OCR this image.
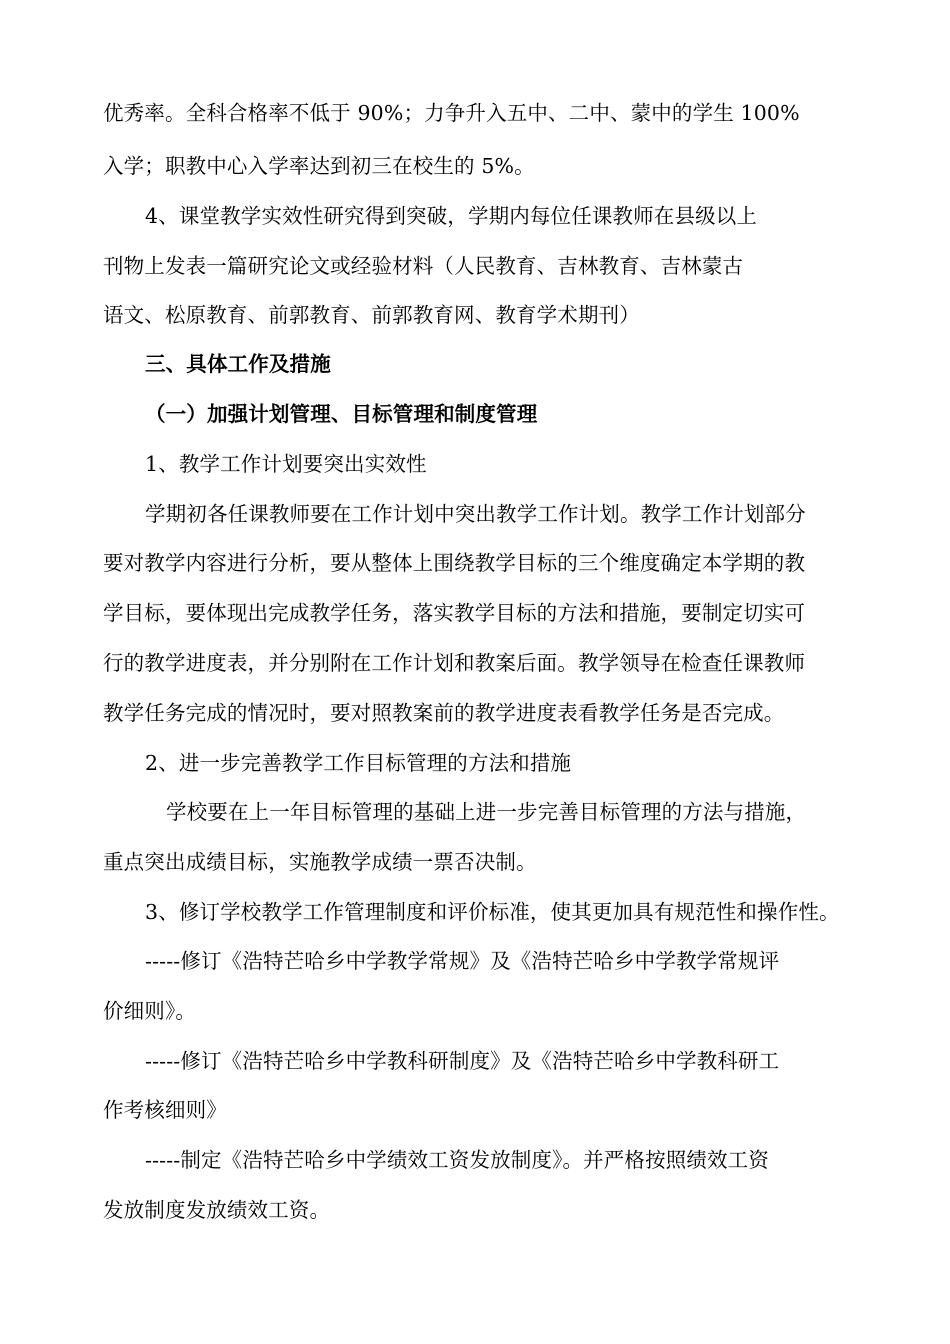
优秀率。全科合格率不低于 90%；力争升入五中、二中、蒙中的学生 100%
入学；职教中心入学率达到初三在校生的 5%。
4、课堂教学实效性研究得到突破，学期内每位任课教师在县级以上
刊物上发表一篇研究论文或经验材料（人民教育、吉林教育、吉林蒙古
语文、松原教育、前郭教育、前郭教育网、教育学术期刊）
三、具体工作及措施
（一）加强计划管理、目标管理和制度管理
1、教学工作计划要突出实效性
学期初各任课教师要在工作计划中突出教学工作计划。教学工作计划部分
要对教学内容进行分析，要从整体上围绕教学目标的三个维度确定本学期的教
学目标，要体现出完成教学任务，落实教学目标的方法和措施，要制定切实可
行的教学进度表，并分别附在工作计划和教案后面。教学领导在检查任课教师
教学任务完成的情况时，要对照教案前的教学进度表看教学任务是否完成。
2、进一步完善教学工作目标管理的方法和措施
学校要在上一年目标管理的基础上进一步完善目标管理的方法与措施，
重点突出成绩目标，实施教学成绩一票否决制。
3、修订学校教学工作管理制度和评价标准，使其更加具有规范性和操作性。
-----修订《浩特芒哈乡中学教学常规》及《浩特芒哈乡中学教学常规评
价细则》。
-----修订《浩特芒哈乡中学教科研制度》及《浩特芒哈乡中学教科研工
作考核细则》
-----制定《浩特芒哈乡中学绩效工资发放制度》。并严格按照绩效工资
发放制度发放绩效工资。
